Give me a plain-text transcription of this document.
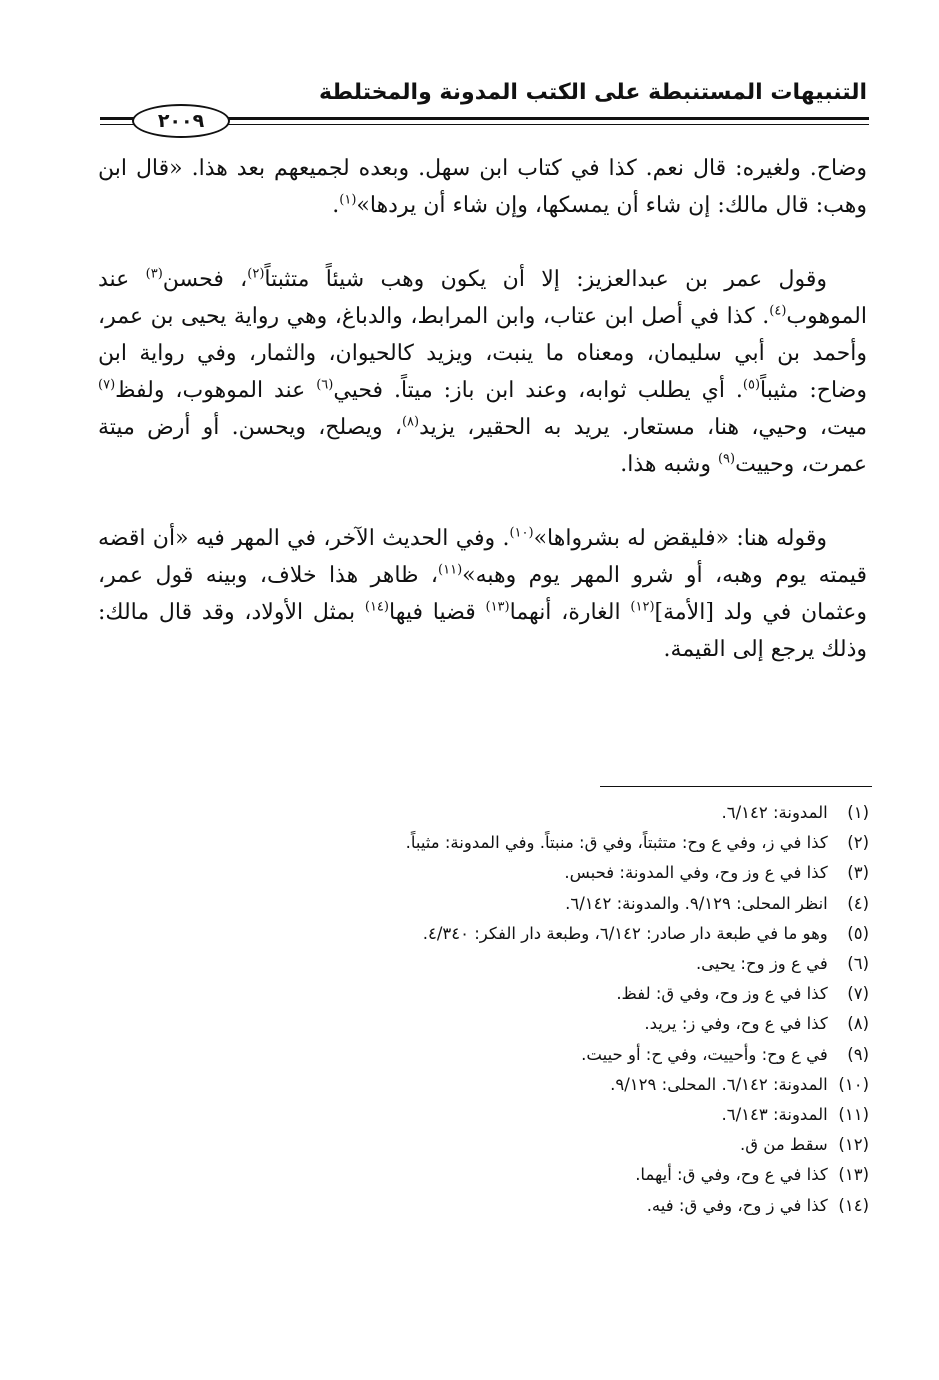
التنبيهات المستنبطة على الكتب المدونة والمختلطة
٢٠٠٩

وضاح. ولغيره: قال نعم. كذا في كتاب ابن سهل. وبعده لجميعهم بعد هذا. «قال ابن وهب: قال مالك: إن شاء أن يمسكها، وإن شاء أن يردها»$^{(١)}$.

وقول عمر بن عبدالعزيز: إلا أن يكون وهب شيئاً متثبتاً$^{(٢)}$، فحسن$^{(٣)}$ عند الموهوب$^{(٤)}$. كذا في أصل ابن عتاب، وابن المرابط، والدباغ، وهي رواية يحيى بن عمر، وأحمد بن أبي سليمان، ومعناه ما ينبت، ويزيد كالحيوان، والثمار، وفي رواية ابن وضاح: مثيباً$^{(٥)}$. أي يطلب ثوابه، وعند ابن باز: ميتاً. فحيي$^{(٦)}$ عند الموهوب، ولفظ$^{(٧)}$ ميت، وحيي، هنا، مستعار. يريد به الحقير، يزيد$^{(٨)}$، ويصلح، ويحسن. أو أرض ميتة عمرت، وحييت$^{(٩)}$ وشبه هذا.

وقوله هنا: «فليقض له بشرواها»$^{(١٠)}$. وفي الحديث الآخر، في المهر فيه «أن اقضه قيمته يوم وهبه، أو شرو المهر يوم وهبه»$^{(١١)}$، ظاهر هذا خلاف، وبينه قول عمر، وعثمان في ولد [الأمة]$^{(١٢)}$ الغارة، أنهما$^{(١٣)}$ قضيا فيها$^{(١٤)}$ بمثل الأولاد، وقد قال مالك: وذلك يرجع إلى القيمة.

(١) المدونة: ٦/١٤٢.
(٢) كذا في ز، وفي ع وح: متثبتاً، وفي ق: منبتاً. وفي المدونة: مثيباً.
(٣) كذا في ع وز وح، وفي المدونة: فحبس.
(٤) انظر المحلى: ٩/١٢٩. والمدونة: ٦/١٤٢.
(٥) وهو ما في طبعة دار صادر: ٦/١٤٢، وطبعة دار الفكر: ٤/٣٤٠.
(٦) في ع وز وح: يحيى.
(٧) كذا في ع وز وح، وفي ق: لفظ.
(٨) كذا في ع وح، وفي ز: يريد.
(٩) في ع وح: وأحييت، وفي ح: أو حييت.
(١٠) المدونة: ٦/١٤٢. المحلى: ٩/١٢٩.
(١١) المدونة: ٦/١٤٣.
(١٢) سقط من ق.
(١٣) كذا في ع وح، وفي ق: أيهما.
(١٤) كذا في ز وح، وفي ق: فيه.
